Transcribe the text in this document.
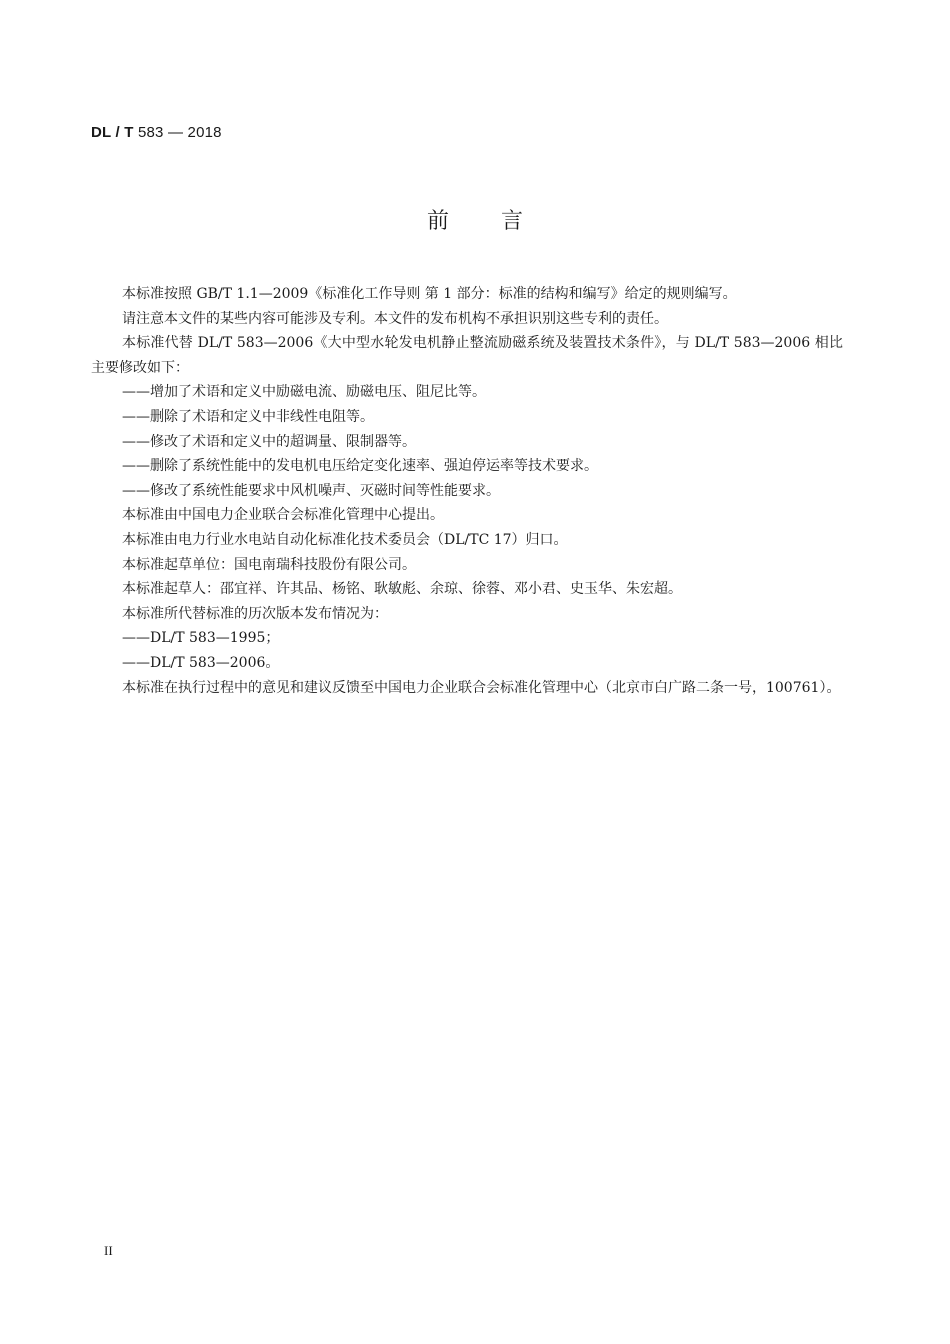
DL / T 583 — 2018
前 言

本标准按照 GB/T 1.1—2009《标准化工作导则 第 1 部分：标准的结构和编写》给定的规则编写。

请注意本文件的某些内容可能涉及专利。本文件的发布机构不承担识别这些专利的责任。

本标准代替 DL/T 583—2006《大中型水轮发电机静止整流励磁系统及装置技术条件》，与 DL/T 583—2006 相比主要修改如下：

——增加了术语和定义中励磁电流、励磁电压、阻尼比等。

——删除了术语和定义中非线性电阻等。

——修改了术语和定义中的超调量、限制器等。

——删除了系统性能中的发电机电压给定变化速率、强迫停运率等技术要求。

——修改了系统性能要求中风机噪声、灭磁时间等性能要求。

本标准由中国电力企业联合会标准化管理中心提出。

本标准由电力行业水电站自动化标准化技术委员会（DL/TC 17）归口。

本标准起草单位：国电南瑞科技股份有限公司。

本标准起草人：邵宜祥、许其品、杨铭、耿敏彪、余琼、徐蓉、邓小君、史玉华、朱宏超。

本标准所代替标准的历次版本发布情况为：

——DL/T 583—1995；

——DL/T 583—2006。

本标准在执行过程中的意见和建议反馈至中国电力企业联合会标准化管理中心（北京市白广路二条一号，100761）。

II
